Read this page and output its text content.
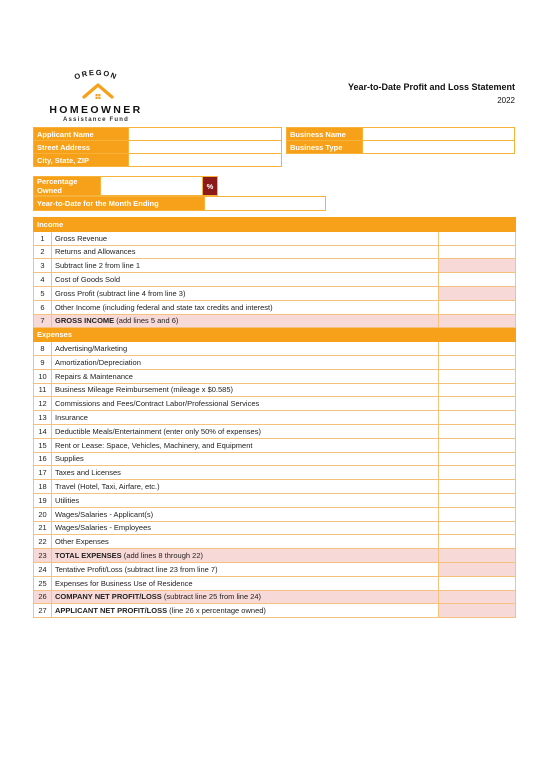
OREGON
HOMEOWNER
Assistance Fund
Year-to-Date Profit and Loss Statement
2022
Applicant Name	
Street Address	
City, State, ZIP	
Business Name	
Business Type	
Percentage Owned		%
Year-to-Date for the Month Ending	
Income		
1	Gross Revenue	
2	Returns and Allowances	
3	Subtract line 2 from line 1	
4	Cost of Goods Sold	
5	Gross Profit (subtract line 4 from line 3)	
6	Other Income (including federal and state tax credits and interest)	
7	GROSS INCOME (add lines 5 and 6)	
Expenses		
8	Advertising/Marketing	
9	Amortization/Depreciation	
10	Repairs & Maintenance	
11	Business Mileage Reimbursement (mileage x $0.585)	
12	Commissions and Fees/Contract Labor/Professional Services	
13	Insurance	
14	Deductible Meals/Entertainment (enter only 50% of expenses)	
15	Rent or Lease: Space, Vehicles, Machinery, and Equipment	
16	Supplies	
17	Taxes and Licenses	
18	Travel (Hotel, Taxi, Airfare, etc.)	
19	Utilities	
20	Wages/Salaries - Applicant(s)	
21	Wages/Salaries - Employees	
22	Other Expenses	
23	TOTAL EXPENSES (add lines 8 through 22)	
24	Tentative Profit/Loss (subtract line 23 from line 7)	
25	Expenses for Business Use of Residence	
26	COMPANY NET PROFIT/LOSS (subtract line 25 from line 24)	
27	APPLICANT NET PROFIT/LOSS (line 26 x percentage owned)	
